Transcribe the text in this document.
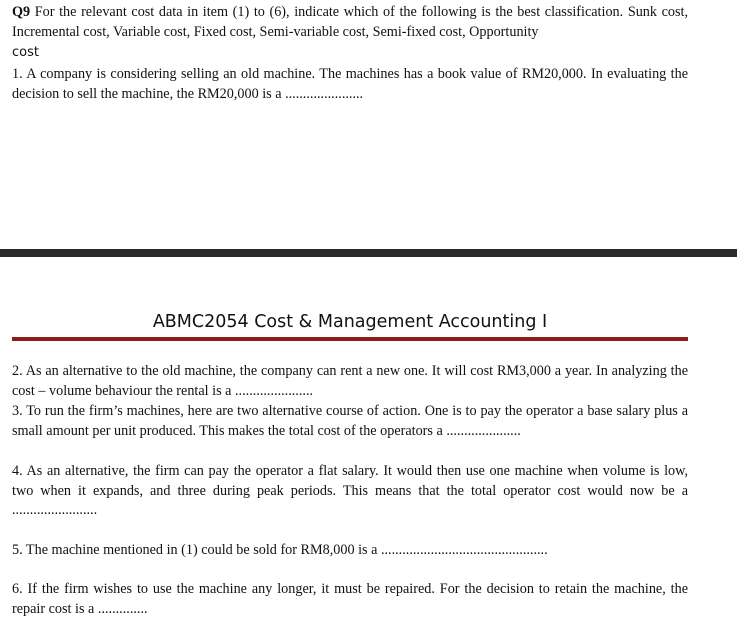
Q9 For the relevant cost data in item (1) to (6), indicate which of the following is the best classification. Sunk cost, Incremental cost, Variable cost, Fixed cost, Semi-variable cost, Semi-fixed cost, Opportunity
cost
1. A company is considering selling an old machine. The machines has a book value of RM20,000. In evaluating the decision to sell the machine, the RM20,000 is a ......................
ABMC2054 Cost & Management Accounting I
2. As an alternative to the old machine, the company can rent a new one. It will cost RM3,000 a year. In analyzing the cost – volume behaviour the rental is a ......................
3. To run the firm’s machines, here are two alternative course of action. One is to pay the operator a base salary plus a small amount per unit produced. This makes the total cost of the operators a .....................
4. As an alternative, the firm can pay the operator a flat salary. It would then use one machine when volume is low, two when it expands, and three during peak periods. This means that the total operator cost would now be a ........................
5. The machine mentioned in (1) could be sold for RM8,000 is a ...............................................
6. If the firm wishes to use the machine any longer, it must be repaired. For the decision to retain the machine, the repair cost is a ..............
